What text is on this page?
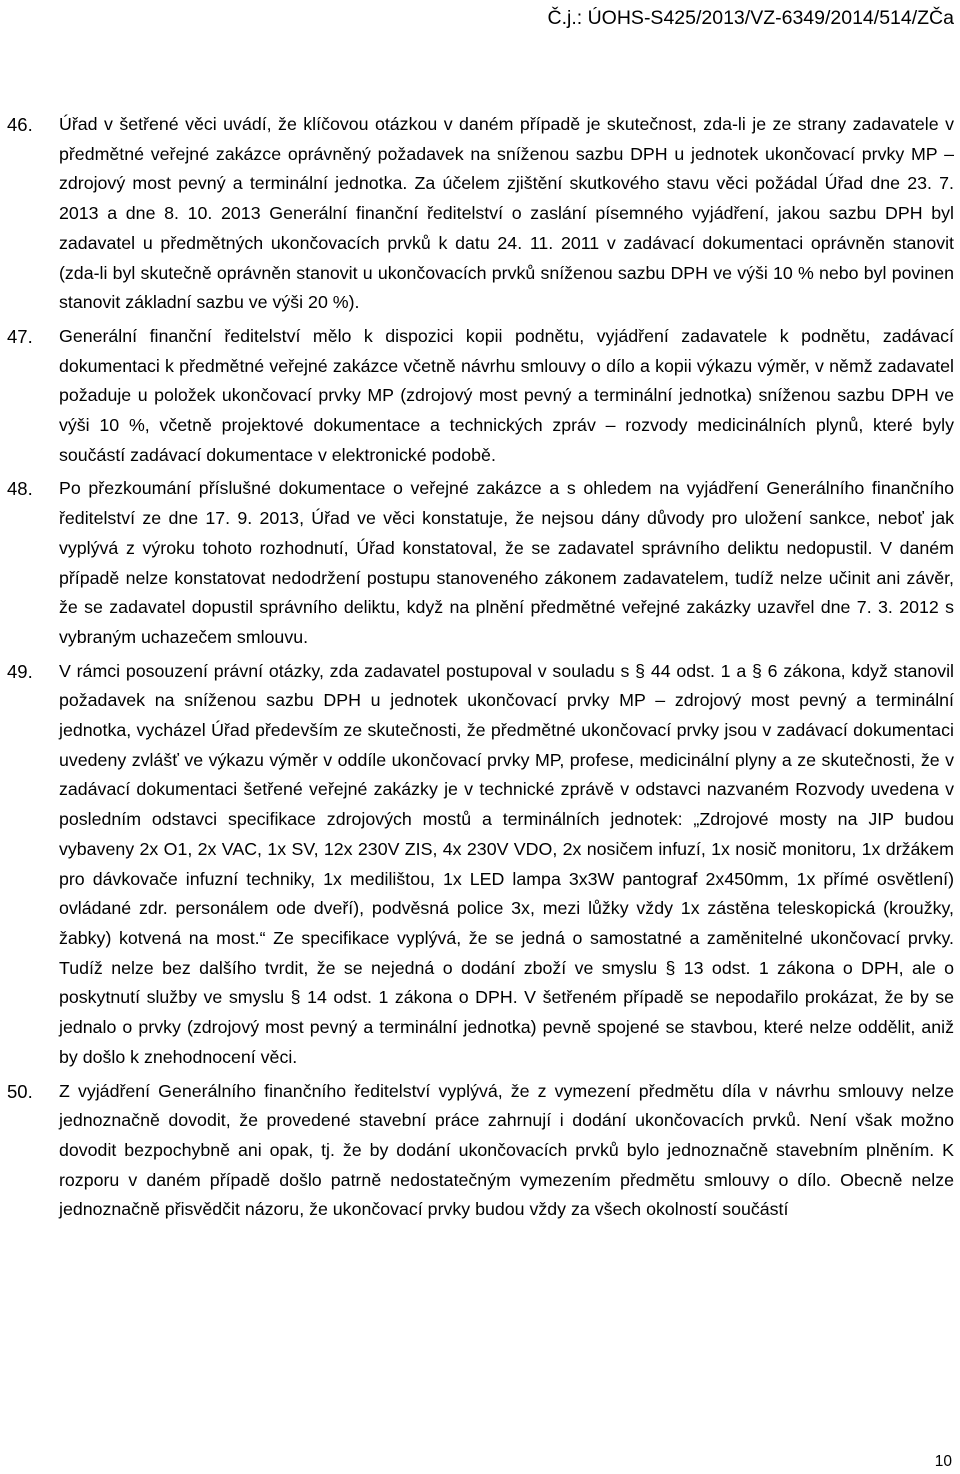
Č.j.: ÚOHS-S425/2013/VZ-6349/2014/514/ZČa
46. Úřad v šetřené věci uvádí, že klíčovou otázkou v daném případě je skutečnost, zda-li je ze strany zadavatele v předmětné veřejné zakázce oprávněný požadavek na sníženou sazbu DPH u jednotek ukončovací prvky MP – zdrojový most pevný a terminální jednotka. Za účelem zjištění skutkového stavu věci požádal Úřad dne 23. 7. 2013 a dne 8. 10. 2013 Generální finanční ředitelství o zaslání písemného vyjádření, jakou sazbu DPH byl zadavatel u předmětných ukončovacích prvků k datu 24. 11. 2011 v zadávací dokumentaci oprávněn stanovit (zda-li byl skutečně oprávněn stanovit u ukončovacích prvků sníženou sazbu DPH ve výši 10 % nebo byl povinen stanovit základní sazbu ve výši 20 %).
47. Generální finanční ředitelství mělo k dispozici kopii podnětu, vyjádření zadavatele k podnětu, zadávací dokumentaci k předmětné veřejné zakázce včetně návrhu smlouvy o dílo a kopii výkazu výměr, v němž zadavatel požaduje u položek ukončovací prvky MP (zdrojový most pevný a terminální jednotka) sníženou sazbu DPH ve výši 10 %, včetně projektové dokumentace a technických zpráv – rozvody medicinálních plynů, které byly součástí zadávací dokumentace v elektronické podobě.
48. Po přezkoumání příslušné dokumentace o veřejné zakázce a s ohledem na vyjádření Generálního finančního ředitelství ze dne 17. 9. 2013, Úřad ve věci konstatuje, že nejsou dány důvody pro uložení sankce, neboť jak vyplývá z výroku tohoto rozhodnutí, Úřad konstatoval, že se zadavatel správního deliktu nedopustil. V daném případě nelze konstatovat nedodržení postupu stanoveného zákonem zadavatelem, tudíž nelze učinit ani závěr, že se zadavatel dopustil správního deliktu, když na plnění předmětné veřejné zakázky uzavřel dne 7. 3. 2012 s vybraným uchazečem smlouvu.
49. V rámci posouzení právní otázky, zda zadavatel postupoval v souladu s § 44 odst. 1 a § 6 zákona, když stanovil požadavek na sníženou sazbu DPH u jednotek ukončovací prvky MP – zdrojový most pevný a terminální jednotka, vycházel Úřad především ze skutečnosti, že předmětné ukončovací prvky jsou v zadávací dokumentaci uvedeny zvlášť ve výkazu výměr v oddíle ukončovací prvky MP, profese, medicinální plyny a ze skutečnosti, že v zadávací dokumentaci šetřené veřejné zakázky je v technické zprávě v odstavci nazvaném Rozvody uvedena v posledním odstavci specifikace zdrojových mostů a terminálních jednotek: „Zdrojové mosty na JIP budou vybaveny 2x O1, 2x VAC, 1x SV, 12x 230V ZIS, 4x 230V VDO, 2x nosičem infuzí, 1x nosič monitoru, 1x držákem pro dávkovače infuzní techniky, 1x medilištou, 1x LED lampa 3x3W pantograf 2x450mm, 1x přímé osvětlení) ovládané zdr. personálem ode dveří), podvěsná police 3x, mezi lůžky vždy 1x zástěna teleskopická (kroužky, žabky) kotvená na most.“ Ze specifikace vyplývá, že se jedná o samostatné a zaměnitelné ukončovací prvky. Tudíž nelze bez dalšího tvrdit, že se nejedná o dodání zboží ve smyslu § 13 odst. 1 zákona o DPH, ale o poskytnutí služby ve smyslu § 14 odst. 1 zákona o DPH. V šetřeném případě se nepodařilo prokázat, že by se jednalo o prvky (zdrojový most pevný a terminální jednotka) pevně spojené se stavbou, které nelze oddělit, aniž by došlo k znehodnocení věci.
50. Z vyjádření Generálního finančního ředitelství vyplývá, že z vymezení předmětu díla v návrhu smlouvy nelze jednoznačně dovodit, že provedené stavební práce zahrnují i dodání ukončovacích prvků. Není však možno dovodit bezpochybně ani opak, tj. že by dodání ukončovacích prvků bylo jednoznačně stavebním plněním. K rozporu v daném případě došlo patrně nedostatečným vymezením předmětu smlouvy o dílo. Obecně nelze jednoznačně přisvědčit názoru, že ukončovací prvky budou vždy za všech okolností součástí
10
